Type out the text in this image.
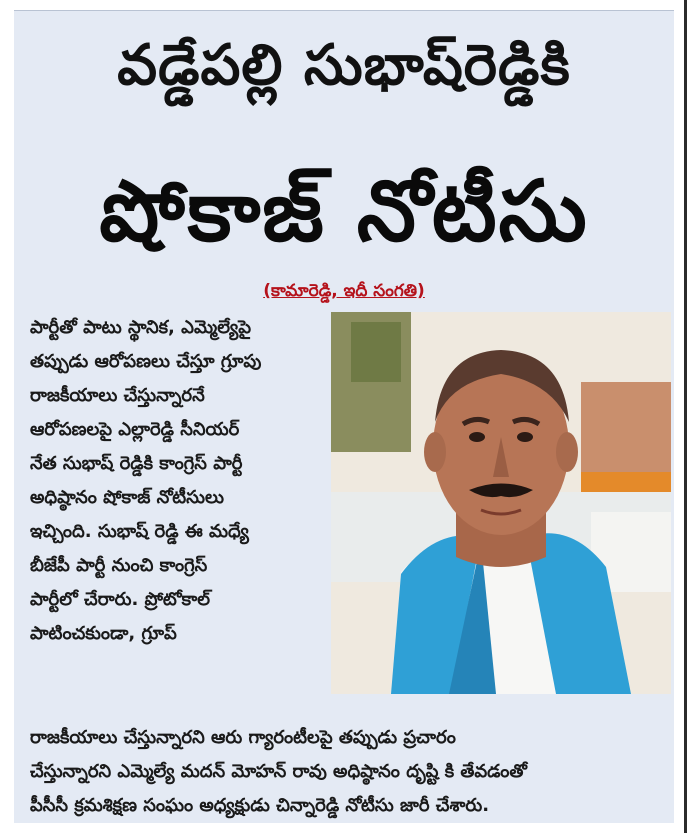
వడ్డేపల్లి సుభాష్‌రెడ్డికి
షోకాజ్ నోటీసు
(కామారెడ్డి, ఇదీ సంగతి)
పార్టీతో పాటు స్థానిక, ఎమ్మెల్యేపై
తప్పుడు ఆరోపణలు చేస్తూ గ్రూపు
రాజకీయాలు చేస్తున్నారనే
ఆరోపణలపై ఎల్లారెడ్డి సీనియర్
నేత సుభాష్ రెడ్డికి కాంగ్రెస్ పార్టీ
అధిష్ఠానం షోకాజ్ నోటీసులు
ఇచ్చింది. సుభాష్ రెడ్డి ఈ మధ్యే
బీజేపీ పార్టీ నుంచి కాంగ్రెస్
పార్టీలో చేరారు. ప్రోటోకాల్
పాటించకుండా, గ్రూప్
రాజకీయాలు చేస్తున్నారని ఆరు గ్యారంటీలపై తప్పుడు ప్రచారం
చేస్తున్నారని ఎమ్మెల్యే మదన్ మోహన్ రావు అధిష్ఠానం దృష్టి కి తేవడంతో
పీసీసీ క్రమశిక్షణ సంఘం అధ్యక్షుడు చిన్నారెడ్డి నోటీసు జారీ చేశారు.
